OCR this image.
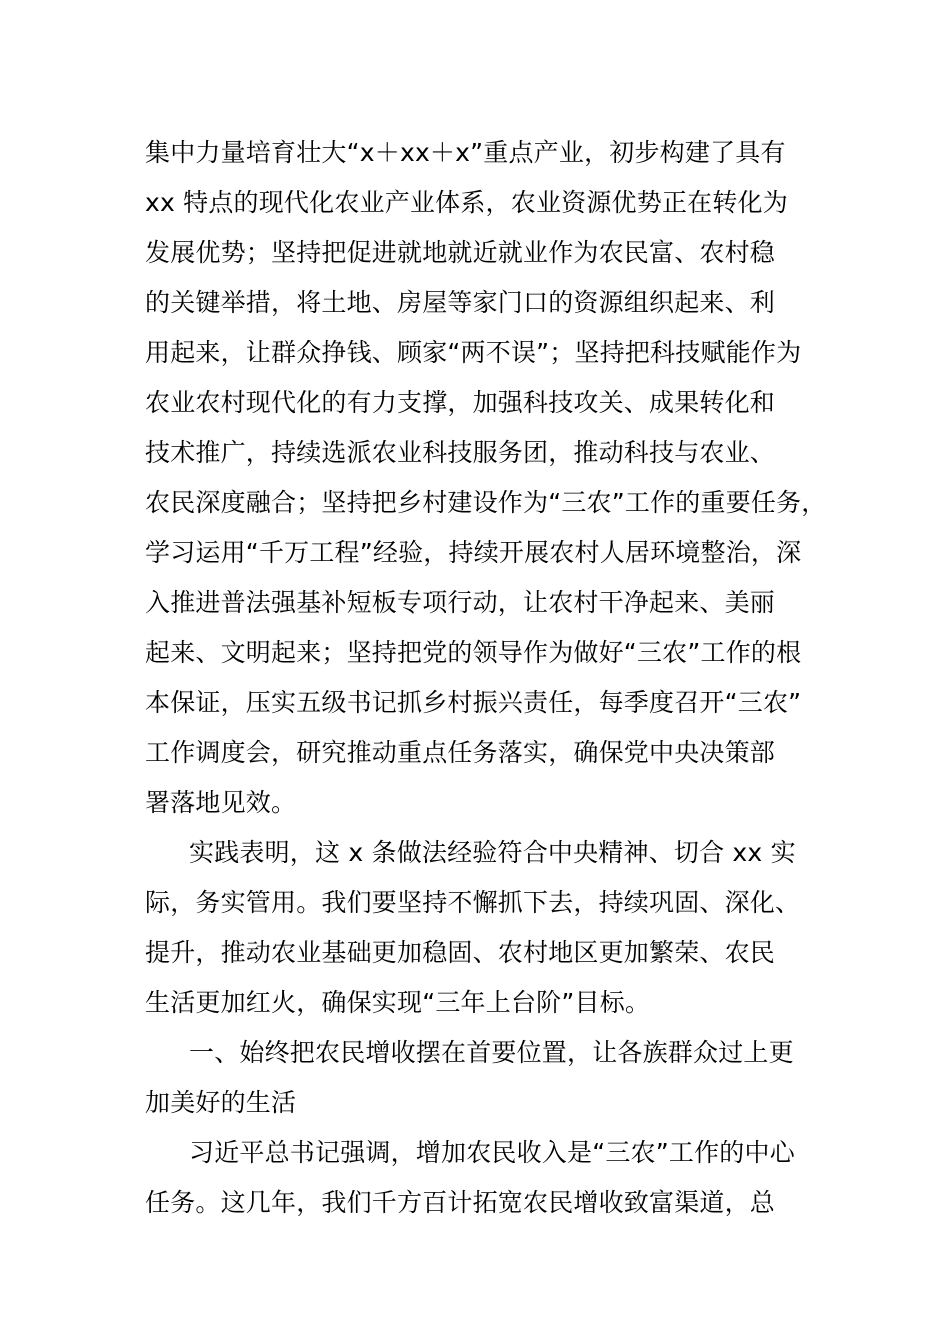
集中力量培育壮大“x＋xx＋x”重点产业，初步构建了具有
xx 特点的现代化农业产业体系，农业资源优势正在转化为
发展优势；坚持把促进就地就近就业作为农民富、农村稳
的关键举措，将土地、房屋等家门口的资源组织起来、利
用起来，让群众挣钱、顾家“两不误”；坚持把科技赋能作为
农业农村现代化的有力支撑，加强科技攻关、成果转化和
技术推广，持续选派农业科技服务团，推动科技与农业、
农民深度融合；坚持把乡村建设作为“三农”工作的重要任务，
学习运用“千万工程”经验，持续开展农村人居环境整治，深
入推进普法强基补短板专项行动，让农村干净起来、美丽
起来、文明起来；坚持把党的领导作为做好“三农”工作的根
本保证，压实五级书记抓乡村振兴责任，每季度召开“三农”
工作调度会，研究推动重点任务落实，确保党中央决策部
署落地见效。
实践表明，这 x 条做法经验符合中央精神、切合 xx 实
际，务实管用。我们要坚持不懈抓下去，持续巩固、深化、
提升，推动农业基础更加稳固、农村地区更加繁荣、农民
生活更加红火，确保实现“三年上台阶”目标。
一、始终把农民增收摆在首要位置，让各族群众过上更
加美好的生活
习近平总书记强调，增加农民收入是“三农”工作的中心
任务。这几年，我们千方百计拓宽农民增收致富渠道，总
